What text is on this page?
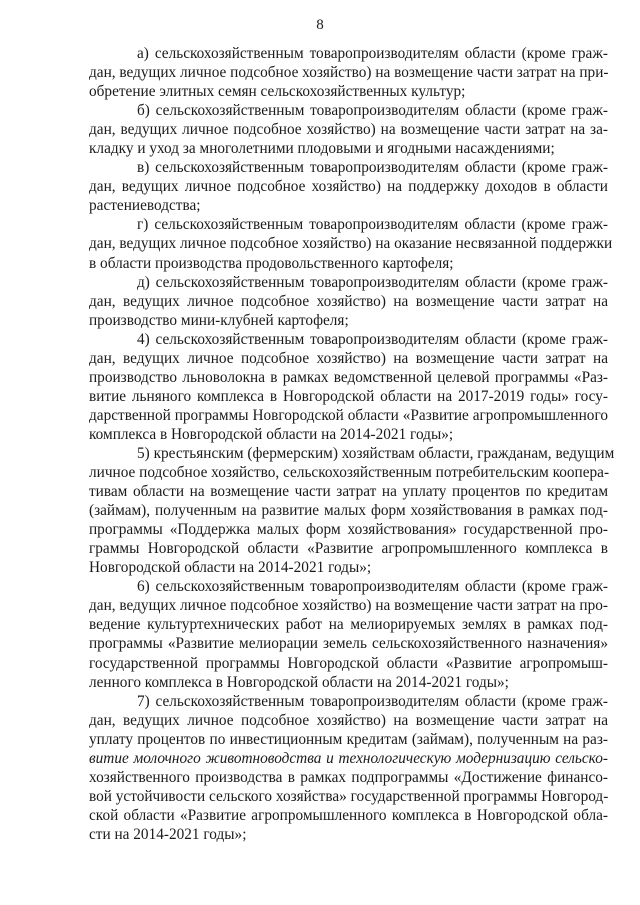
8
а) сельскохозяйственным товаропроизводителям области (кроме граж-
дан, ведущих личное подсобное хозяйство) на возмещение части затрат на при-
обретение элитных семян сельскохозяйственных культур;
б) сельскохозяйственным товаропроизводителям области (кроме граж-
дан, ведущих личное подсобное хозяйство) на возмещение части затрат на за-
кладку и уход за многолетними плодовыми и ягодными насаждениями;
в) сельскохозяйственным товаропроизводителям области (кроме граж-
дан, ведущих личное подсобное хозяйство) на поддержку доходов в области
растениеводства;
г) сельскохозяйственным товаропроизводителям области (кроме граж-
дан, ведущих личное подсобное хозяйство) на оказание несвязанной поддержки
в области производства продовольственного картофеля;
д) сельскохозяйственным товаропроизводителям области (кроме граж-
дан, ведущих личное подсобное хозяйство) на возмещение части затрат на
производство мини-клубней картофеля;
4) сельскохозяйственным товаропроизводителям области (кроме граж-
дан, ведущих личное подсобное хозяйство) на возмещение части затрат на
производство льноволокна в рамках ведомственной целевой программы «Раз-
витие льняного комплекса в Новгородской области на 2017-2019 годы» госу-
дарственной программы Новгородской области «Развитие агропромышленного
комплекса в Новгородской области на 2014-2021 годы»;
5) крестьянским (фермерским) хозяйствам области, гражданам, ведущим
личное подсобное хозяйство, сельскохозяйственным потребительским коопера-
тивам области на возмещение части затрат на уплату процентов по кредитам
(займам), полученным на развитие малых форм хозяйствования в рамках под-
программы «Поддержка малых форм хозяйствования» государственной про-
граммы Новгородской области «Развитие агропромышленного комплекса в
Новгородской области на 2014-2021 годы»;
6) сельскохозяйственным товаропроизводителям области (кроме граж-
дан, ведущих личное подсобное хозяйство) на возмещение части затрат на про-
ведение культуртехнических работ на мелиорируемых землях в рамках под-
программы «Развитие мелиорации земель сельскохозяйственного назначения»
государственной программы Новгородской области «Развитие агропромыш-
ленного комплекса в Новгородской области на 2014-2021 годы»;
7) сельскохозяйственным товаропроизводителям области (кроме граж-
дан, ведущих личное подсобное хозяйство) на возмещение части затрат на
уплату процентов по инвестиционным кредитам (займам), полученным на раз-
витие молочного животноводства и технологическую модернизацию сельско-
хозяйственного производства в рамках подпрограммы «Достижение финансо-
вой устойчивости сельского хозяйства» государственной программы Новгород-
ской области «Развитие агропромышленного комплекса в Новгородской обла-
сти на 2014-2021 годы»;
